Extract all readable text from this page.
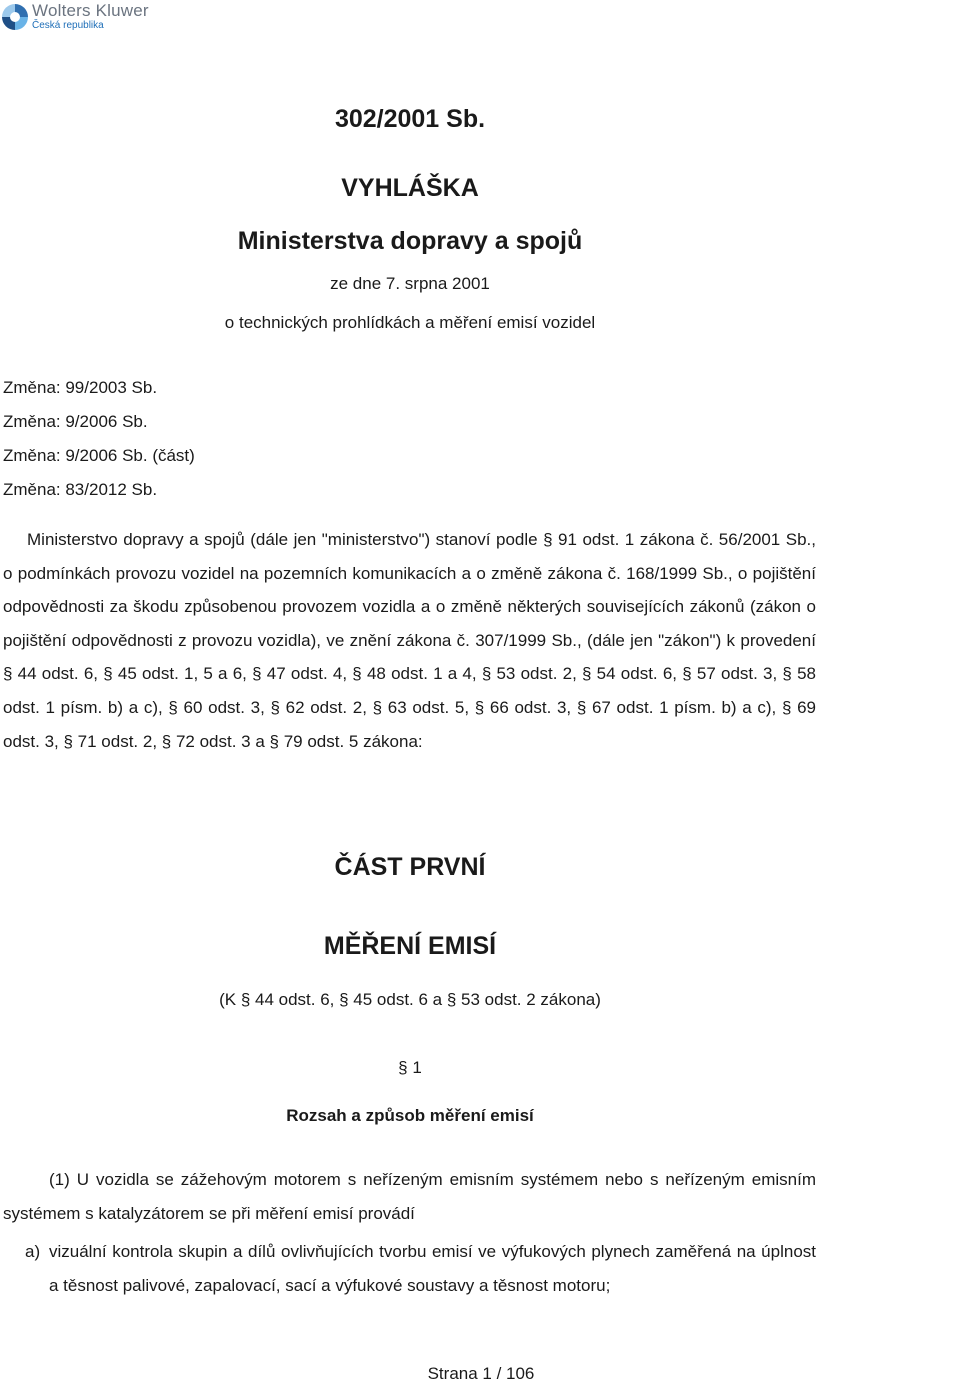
Wolters Kluwer
Česká republika
302/2001 Sb.
VYHLÁŠKA
Ministerstva dopravy a spojů
ze dne 7. srpna 2001
o technických prohlídkách a měření emisí vozidel
Změna: 99/2003 Sb.
Změna: 9/2006 Sb.
Změna: 9/2006 Sb. (část)
Změna: 83/2012 Sb.

Ministerstvo dopravy a spojů (dále jen "ministerstvo") stanoví podle § 91 odst. 1 zákona č. 56/2001 Sb., o podmínkách provozu vozidel na pozemních komunikacích a o změně zákona č. 168/1999 Sb., o pojištění odpovědnosti za škodu způsobenou provozem vozidla a o změně některých souvisejících zákonů (zákon o pojištění odpovědnosti z provozu vozidla), ve znění zákona č. 307/1999 Sb., (dále jen "zákon") k provedení § 44 odst. 6, § 45 odst. 1, 5 a 6, § 47 odst. 4, § 48 odst. 1 a 4, § 53 odst. 2, § 54 odst. 6, § 57 odst. 3, § 58 odst. 1 písm. b) a c), § 60 odst. 3, § 62 odst. 2, § 63 odst. 5, § 66 odst. 3, § 67 odst. 1 písm. b) a c), § 69 odst. 3, § 71 odst. 2, § 72 odst. 3 a § 79 odst. 5 zákona:

ČÁST PRVNÍ
MĚŘENÍ EMISÍ
(K § 44 odst. 6, § 45 odst. 6 a § 53 odst. 2 zákona)
§ 1
Rozsah a způsob měření emisí

(1) U vozidla se zážehovým motorem s neřízeným emisním systémem nebo s neřízeným emisním systémem s katalyzátorem se při měření emisí provádí

a) vizuální kontrola skupin a dílů ovlivňujících tvorbu emisí ve výfukových plynech zaměřená na úplnost a těsnost palivové, zapalovací, sací a výfukové soustavy a těsnost motoru;
Strana 1 / 106
